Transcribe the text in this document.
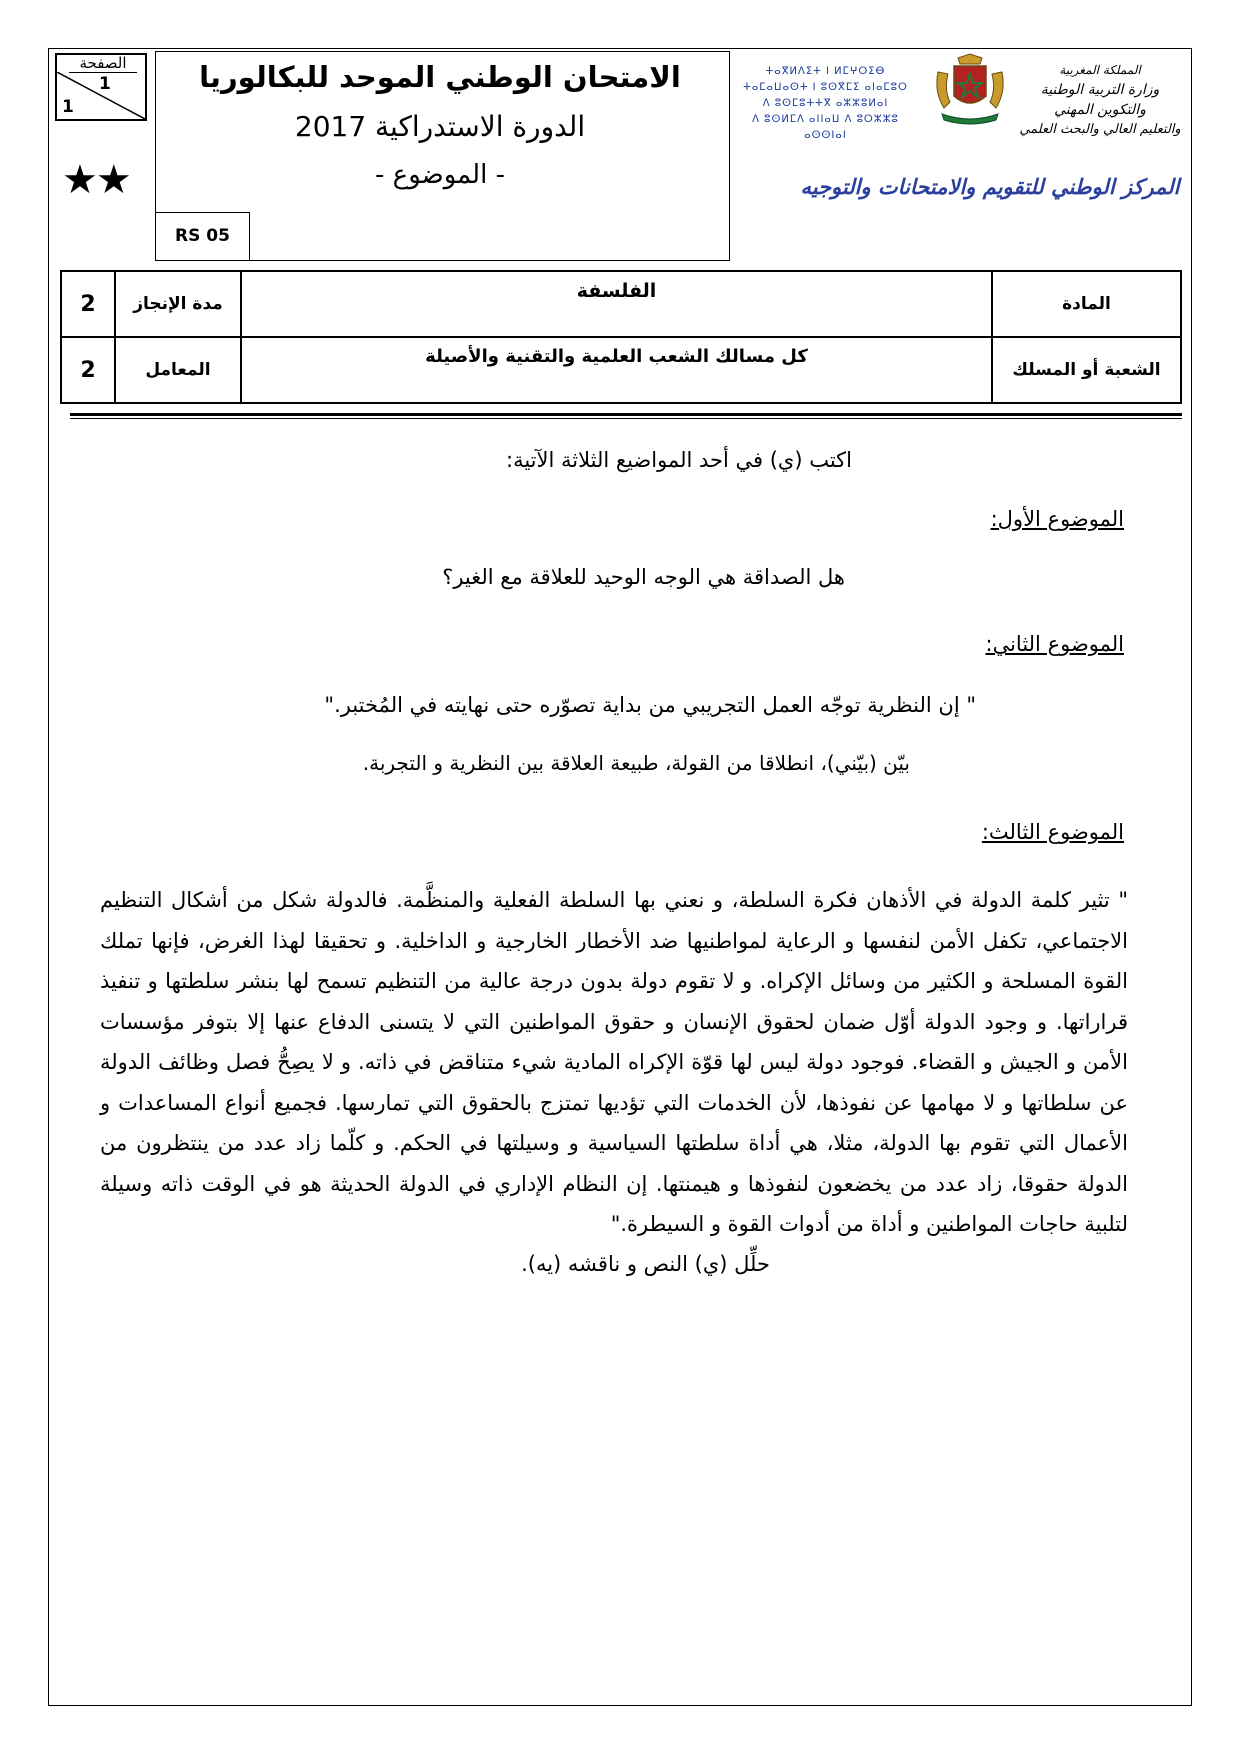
الصفحة
1
1
★★
الامتحان الوطني الموحد للبكالوريا
الدورة الاستدراكية 2017
- الموضوع -
RS 05
ⵜⴰⴳⵍⴷⵉⵜ ⵏ ⵍⵎⵖⵔⵉⴱ
ⵜⴰⵎⴰⵡⴰⵙⵜ ⵏ ⵓⵙⴳⵎⵉ ⴰⵏⴰⵎⵓⵔ
ⴷ ⵓⵙⵎⵓⵜⵜⴳ ⴰⵣⵣⵓⵍⴰⵏ
ⴷ ⵓⵙⵍⵎⴷ ⴰⵏⵏⴰⵡ ⴷ ⵓⵔⵣⵣⵓ ⴰⵙⵙⵏⴰⵏ
المملكة المغربية
وزارة التربية الوطنية
والتكوين المهني
والتعليم العالي والبحث العلمي
المركز الوطني للتقويم والامتحانات والتوجيه
المادة	الفلسفة	مدة الإنجاز	2
الشعبة أو المسلك	كل مسالك الشعب العلمية والتقنية والأصيلة	المعامل	2
اكتب (ي) في أحد المواضيع الثلاثة الآتية:
الموضوع الأول:
هل الصداقة هي الوجه الوحيد للعلاقة مع الغير؟
الموضوع الثاني:
" إن النظرية توجّه العمل التجريبي من بداية تصوّره حتى نهايته في المُختبر."
بيّن (بيّني)، انطلاقا من القولة، طبيعة العلاقة بين النظرية و التجربة.
الموضوع الثالث:
" تثير كلمة الدولة في الأذهان فكرة السلطة، و نعني بها السلطة الفعلية والمنظَّمة. فالدولة شكل من أشكال التنظيم الاجتماعي، تكفل الأمن لنفسها و الرعاية لمواطنيها ضد الأخطار الخارجية و الداخلية. و تحقيقا لهذا الغرض، فإنها تملك القوة المسلحة و الكثير من وسائل الإكراه. و لا تقوم دولة بدون درجة عالية من التنظيم تسمح لها بنشر سلطتها و تنفيذ قراراتها. و وجود الدولة أوّل ضمان لحقوق الإنسان و حقوق المواطنين التي لا يتسنى الدفاع عنها إلا بتوفر مؤسسات الأمن و الجيش و القضاء. فوجود دولة ليس لها قوّة الإكراه المادية شيء متناقض في ذاته. و لا يصِحُّ فصل وظائف الدولة عن سلطاتها و لا مهامها عن نفوذها، لأن الخدمات التي تؤديها تمتزج بالحقوق التي تمارسها. فجميع أنواع المساعدات و الأعمال التي تقوم بها الدولة، مثلا، هي أداة سلطتها السياسية و وسيلتها في الحكم. و كلّما زاد عدد من ينتظرون من الدولة حقوقا، زاد عدد من يخضعون لنفوذها و هيمنتها. إن النظام الإداري في الدولة الحديثة هو في الوقت ذاته وسيلة لتلبية حاجات المواطنين و أداة من أدوات القوة و السيطرة."
حلِّل (ي) النص و ناقشه (يه).
